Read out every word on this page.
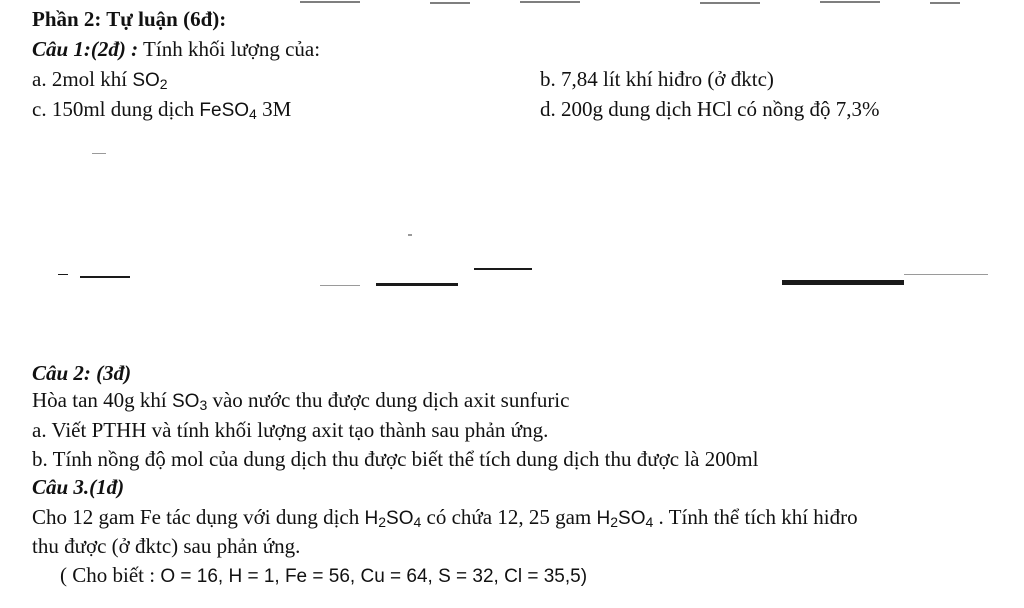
Phần 2: Tự luận (6đ):
Câu 1:(2đ) : Tính khối lượng của:
a. 2mol khí $SO_2$	b. 7,84 lít khí hiđro (ở đktc)
c. 150ml dung dịch FeSO$_4$ 3M	d. 200g dung dịch HCl có nồng độ 7,3%
Câu 2: (3đ)
Hòa tan 40g khí $SO_3$ vào nước thu được dung dịch axit sunfuric
a. Viết PTHH và tính khối lượng axit tạo thành sau phản ứng.
b. Tính nồng độ mol của dung dịch thu được biết thể tích dung dịch thu được là 200ml
Câu 3.(1đ)
Cho 12 gam Fe tác dụng với dung dịch $H_2SO_4$ có chứa 12, 25 gam $H_2SO_4$ . Tính thể tích khí hiđro
thu được (ở đktc) sau phản ứng.
( Cho biết : O = 16, H = 1, Fe = 56, Cu = 64, S = 32, Cl = 35,5)
